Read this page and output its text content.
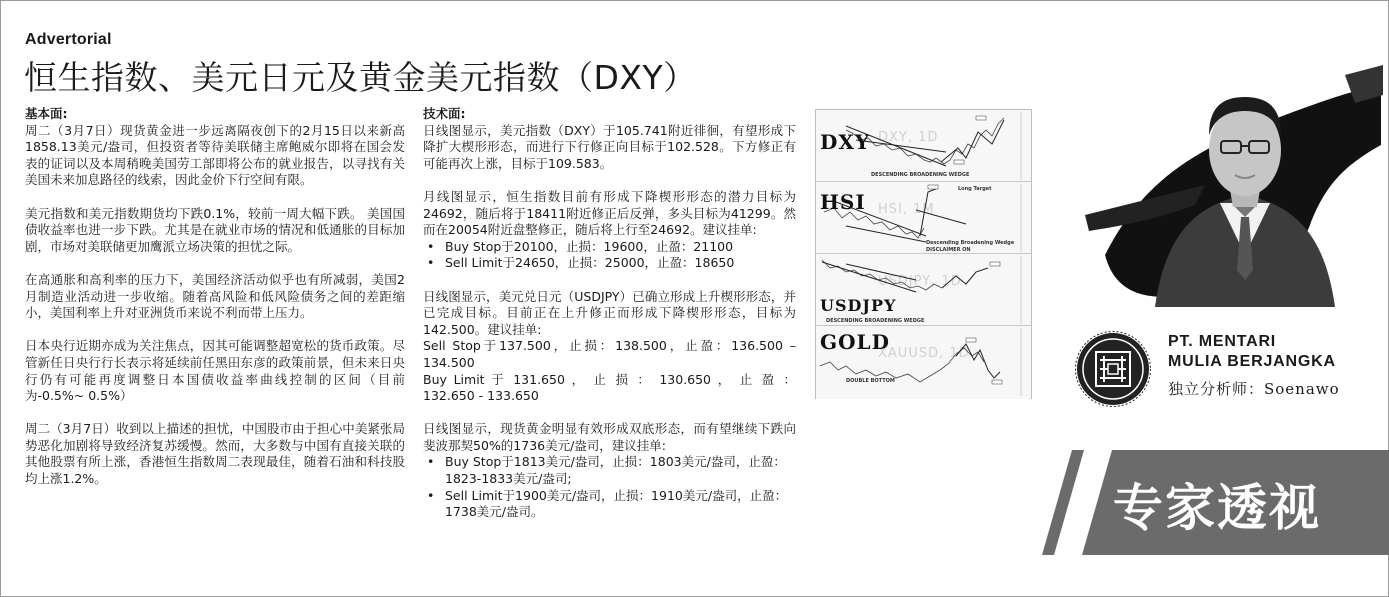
Advertorial
恒生指数、美元日元及黄金美元指数（DXY）
基本面:

周二（3月7日）现货黄金进一步远离隔夜创下的2月15日以来新高1858.13美元/盎司，但投资者等待美联储主席鲍威尔即将在国会发表的证词以及本周稍晚美国劳工部即将公布的就业报告，以寻找有关美国未来加息路径的线索，因此金价下行空间有限。

美元指数和美元指数期货均下跌0.1%，较前一周大幅下跌。 美国国债收益率也进一步下跌。尤其是在就业市场的情况和低通胀的目标加剧，市场对美联储更加鹰派立场决策的担忧之际。

在高通胀和高利率的压力下，美国经济活动似乎也有所减弱，美国2月制造业活动进一步收缩。随着高风险和低风险债务之间的差距缩小，美国利率上升对亚洲货币来说不利而带上压力。

日本央行近期亦成为关注焦点，因其可能调整超宽松的货币政策。尽管新任日央行行长表示将延续前任黑田东彦的政策前景，但未来日央行仍有可能再度调整日本国债收益率曲线控制的区间（目前为-0.5%~ 0.5%）

周二（3月7日）收到以上描述的担忧，中国股市由于担心中美紧张局势恶化加剧将导致经济复苏缓慢。然而，大多数与中国有直接关联的其他股票有所上涨，香港恒生指数周二表现最佳，随着石油和科技股均上涨1.2%。

技术面:

日线图显示，美元指数（DXY）于105.741附近徘徊，有望形成下降扩大楔形形态，而进行下行修正向目标于102.528。下方修正有可能再次上涨，目标于109.583。

月线图显示，恒生指数目前有形成下降楔形形态的潜力目标为24692，随后将于18411附近修正后反弹，多头目标为41299。然而在20054附近盘整修正，随后将上行至24692。建议挂单:

• Buy Stop于20100，止损：19600，止盈：21100
• Sell Limit于24650，止损：25000，止盈：18650

日线图显示，美元兑日元（USDJPY）已确立形成上升楔形形态，并已完成目标。目前正在上升修正而形成下降楔形形态，目标为142.500。建议挂单:

Sell Stop于137.500，止损：138.500，止盈：136.500 – 134.500

Buy Limit 于 131.650 ， 止 损 ： 130.650 ， 止 盈 ： 132.650 - 133.650

日线图显示，现货黄金明显有效形成双底形态，而有望继续下跌向斐波那契50%的1736美元/盎司，建议挂单:

• Buy Stop于1813美元/盎司，止损：1803美元/盎司，止盈：1823-1833美元/盎司;
• Sell Limit于1900美元/盎司，止损：1910美元/盎司，止盈：1738美元/盎司。
DXY, 1D
DXY
DESCENDING BROADENING WEDGE
HSI, 1M
HSI
Long Target
Descending Broadening Wedge
DISCLAIMER ON
USDJPY, 1D
USDJPY
DESCENDING BROADENING WEDGE
XAUUSD, 1D
GOLD
DOUBLE BOTTOM
PT. MENTARI
MULIA BERJANGKA
独立分析师：Soenawo
专家透视
